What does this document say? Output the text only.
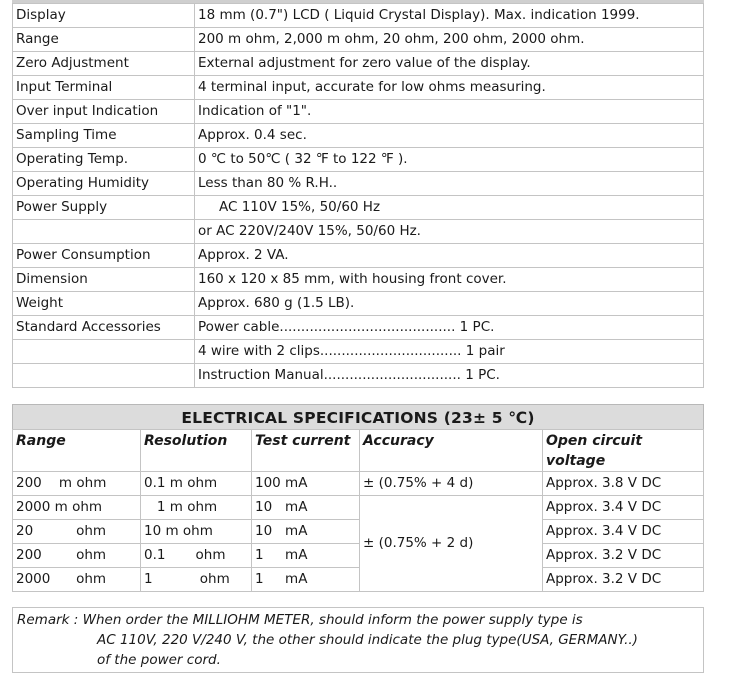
Display	18 mm (0.7") LCD ( Liquid Crystal Display). Max. indication 1999.
Range	200 m ohm, 2,000 m ohm, 20 ohm, 200 ohm, 2000 ohm.
Zero Adjustment	External adjustment for zero value of the display.
Input Terminal	4 terminal input, accurate for low ohms measuring.
Over input Indication	Indication of "1".
Sampling Time	Approx. 0.4 sec.
Operating Temp.	0 ℃ to 50℃ ( 32 ℉ to 122 ℉ ).
Operating Humidity	Less than 80 % R.H..
Power Supply	AC 110V 15%, 50/60 Hz
	or AC 220V/240V 15%, 50/60 Hz.
Power Consumption	Approx. 2 VA.
Dimension	160 x 120 x 85 mm, with housing front cover.
Weight	Approx. 680 g (1.5 LB).
Standard Accessories	Power cable......................................... 1 PC.
	4 wire with 2 clips................................. 1 pair
	Instruction Manual................................ 1 PC.
ELECTRICAL SPECIFICATIONS (23± 5 ℃)
Range	Resolution	Test current	Accuracy	Open circuit
voltage
200    m ohm	0.1 m ohm	100 mA	± (0.75% + 4 d)	Approx. 3.8 V DC
2000 m ohm	1 m ohm	10   mA	± (0.75% + 2 d)	Approx. 3.4 V DC
20          ohm	10 m ohm	10   mA		Approx. 3.4 V DC
200        ohm	0.1       ohm	1     mA		Approx. 3.2 V DC
2000      ohm	1           ohm	1     mA		Approx. 3.2 V DC
Remark : When order the MILLIOHM METER, should inform the power supply type is
AC 110V, 220 V/240 V, the other should indicate the plug type(USA, GERMANY..)
of the power cord.
